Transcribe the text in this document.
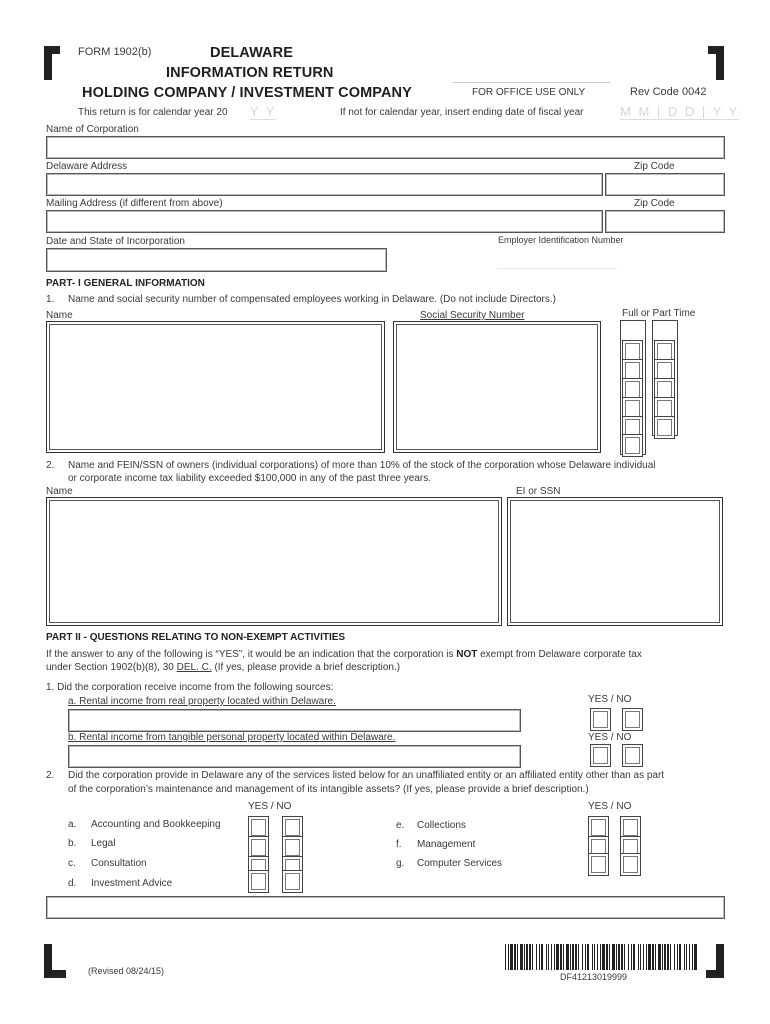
FORM 1902(b)	DELAWARE
INFORMATION RETURN
HOLDING COMPANY / INVESTMENT COMPANY	FOR OFFICE USE ONLY	Rev Code 0042
This return is for calendar year 20 Y Y	If not for calendar year, insert ending date of fiscal year	M M | D D | Y Y
Name of Corporation
Delaware Address	Zip Code
Mailing Address (if different from above)	Zip Code
Date and State of Incorporation	Employer Identification Number
PART- I GENERAL INFORMATION
1. Name and social security number of compensated employees working in Delaware. (Do not include Directors.)
Name	Social Security Number	Full or Part Time
2. Name and FEIN/SSN of owners (individual corporations) of more than 10% of the stock of the corporation whose Delaware individual
or corporate income tax liability exceeded $100,000 in any of the past three years.
Name	EI or SSN
PART II - QUESTIONS RELATING TO NON-EXEMPT ACTIVITIES
If the answer to any of the following is “YES”, it would be an indication that the corporation is NOT exempt from Delaware corporate tax
under Section 1902(b)(8), 30 DEL. C. (If yes, please provide a brief description.)
1. Did the corporation receive income from the following sources:
a. Rental income from real property located within Delaware.	YES / NO
b. Rental income from tangible personal property located within Delaware.	YES / NO
2. Did the corporation provide in Delaware any of the services listed below for an unaffiliated entity or an affiliated entity other than as part
of the corporation’s maintenance and management of its intangible assets? (If yes, please provide a brief description.)
YES / NO	YES / NO
a. Accounting and Bookkeeping
b. Legal
c. Consultation
d. Investment Advice
e. Collections
f. Management
g. Computer Services
(Revised 08/24/15)
DF41213019999
